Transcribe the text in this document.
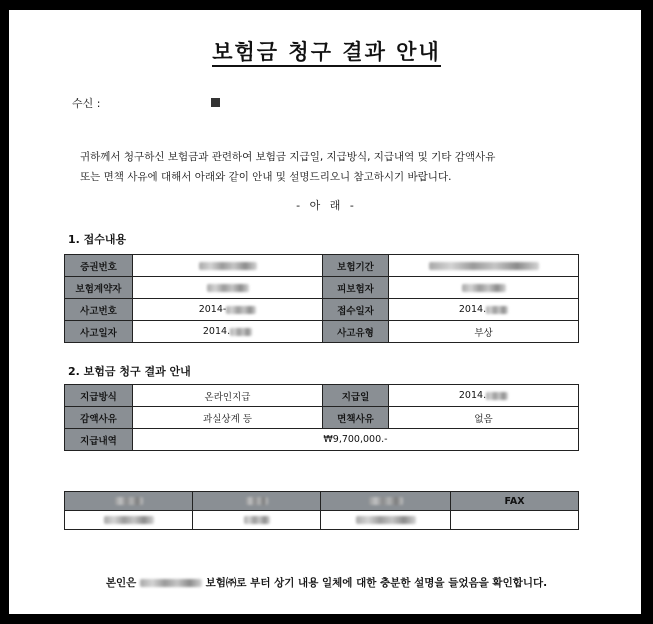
보험금 청구 결과 안내
수신 :
귀하께서 청구하신 보험금과 관련하여 보험금 지급일, 지급방식, 지급내역 및 기타 감액사유
또는 면책 사유에 대해서 아래와 같이 안내 및 설명드리오니 참고하시기 바랍니다.
- 아 래 -
1. 접수내용
증권번호		보험기간	
보험계약자		피보험자	
사고번호	2014-	접수일자	2014.
사고일자	2014.	사고유형	부상
2. 보험금 청구 결과 안내
지급방식	온라인지급	지급일	2014.
감액사유	과실상계 등	면책사유	없음
지급내역	₩9,700,000.-		
			FAX

본인은	보험㈜로 부터 상기 내용 일체에 대한 충분한 설명을 들었음을 확인합니다.
